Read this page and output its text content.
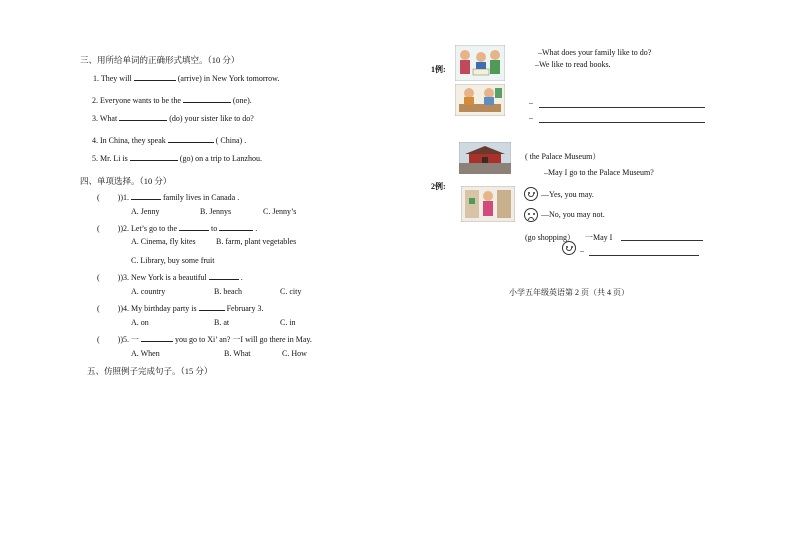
三、用所给单词的正确形式填空。（10 分）
1. They will	(arrive) in New York tomorrow.
2. Everyone wants to be the	(one).
3. What	(do) your sister like to do?
4. In China, they speak	( China) .
5. Mr. Li is	(go) on a trip to Lanzhou.
四、单项选择。（10 分）
( ))1.	family lives in Canada .
A. Jenny	B. Jennys	C. Jenny’s
( ))2. Let’s go to the	to	.
A. Cinema, fly kites	B. farm, plant vegetables
C. Library, buy some fruit
( ))3. New York is a beautiful	.
A. country	B. beach	C. city
( ))4. My birthday party is	February 3.
A. on	B. at	C. in
( ))5. 一	you go to Xi’ an? 一I will go there in May.
A. When	B. What	C. How
五、仿照例子完成句子。（15 分）
1例:
–What does your family like to do?
–We like to read books.
–
–
( the Palace Museum）
–May I go to the Palace Museum?
2例:
—Yes, you may.
—No, you may not.
(go shopping） 一May I
–
小学五年级英语第 2 页（共 4 页）
